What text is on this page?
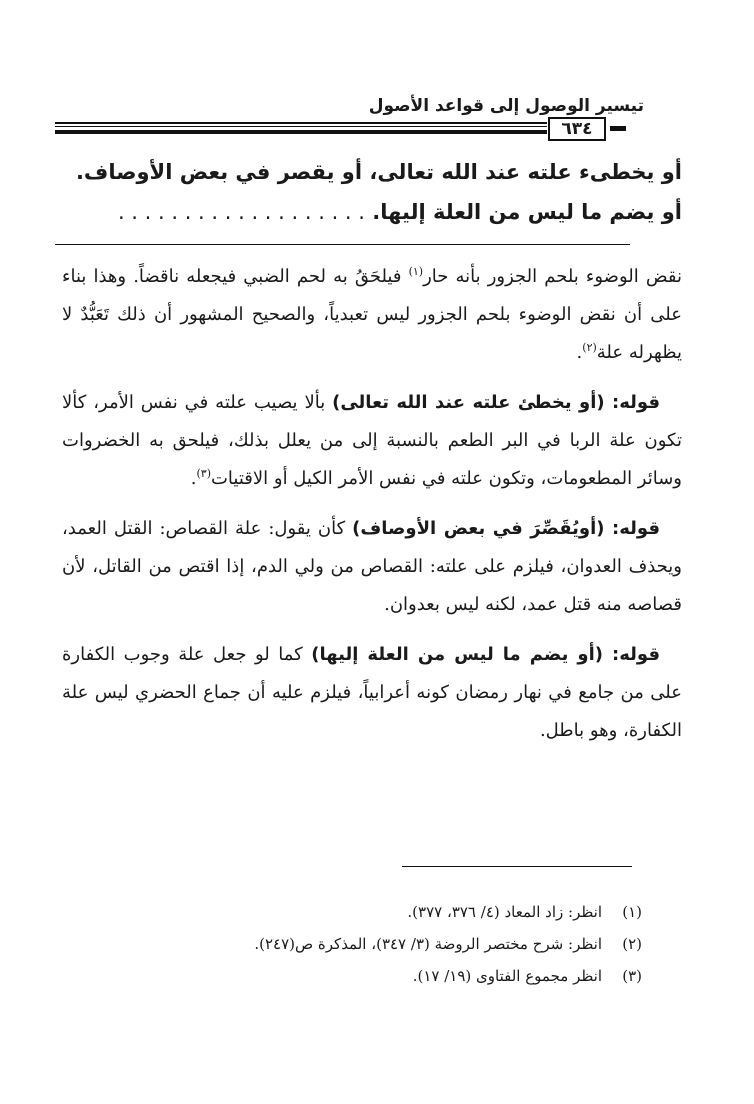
تيسير الوصول إلى قواعد الأصول
٦٣٤
أو يخطىء علته عند الله تعالى، أو يقصر في بعض الأوصاف.
أو يضم ما ليس من العلة إليها. . . . . . . . . . . . . . . . . . . .

نقض الوضوء بلحم الجزور بأنه حار$^{(١)}$ فيلحَقُ به لحم الضبي فيجعله ناقضاً. وهذا بناء على أن نقض الوضوء بلحم الجزور ليس تعبدياً، والصحيح المشهور أن ذلك تَعَبُّدٌ لا يظهرله علة$^{(٢)}$.

قوله: (أو يخطئ علته عند الله تعالى) بألا يصيب علته في نفس الأمر، كألا تكون علة الربا في البر الطعم بالنسبة إلى من يعلل بذلك، فيلحق به الخضروات وسائر المطعومات، وتكون علته في نفس الأمر الكيل أو الاقتيات$^{(٣)}$.

قوله: (أويُقَصِّرَ في بعض الأوصاف) كأن يقول: علة القصاص: القتل العمد، ويحذف العدوان، فيلزم على علته: القصاص من ولي الدم، إذا اقتص من القاتل، لأن قصاصه منه قتل عمد، لكنه ليس بعدوان.

قوله: (أو يضم ما ليس من العلة إليها) كما لو جعل علة وجوب الكفارة على من جامع في نهار رمضان كونه أعرابياً، فيلزم عليه أن جماع الحضري ليس علة الكفارة، وهو باطل.

(١)انظر: زاد المعاد (٤/ ٣٧٦، ٣٧٧).
(٢)انظر: شرح مختصر الروضة (٣/ ٣٤٧)، المذكرة ص(٢٤٧).
(٣)انظر مجموع الفتاوى (١٩/ ١٧).
